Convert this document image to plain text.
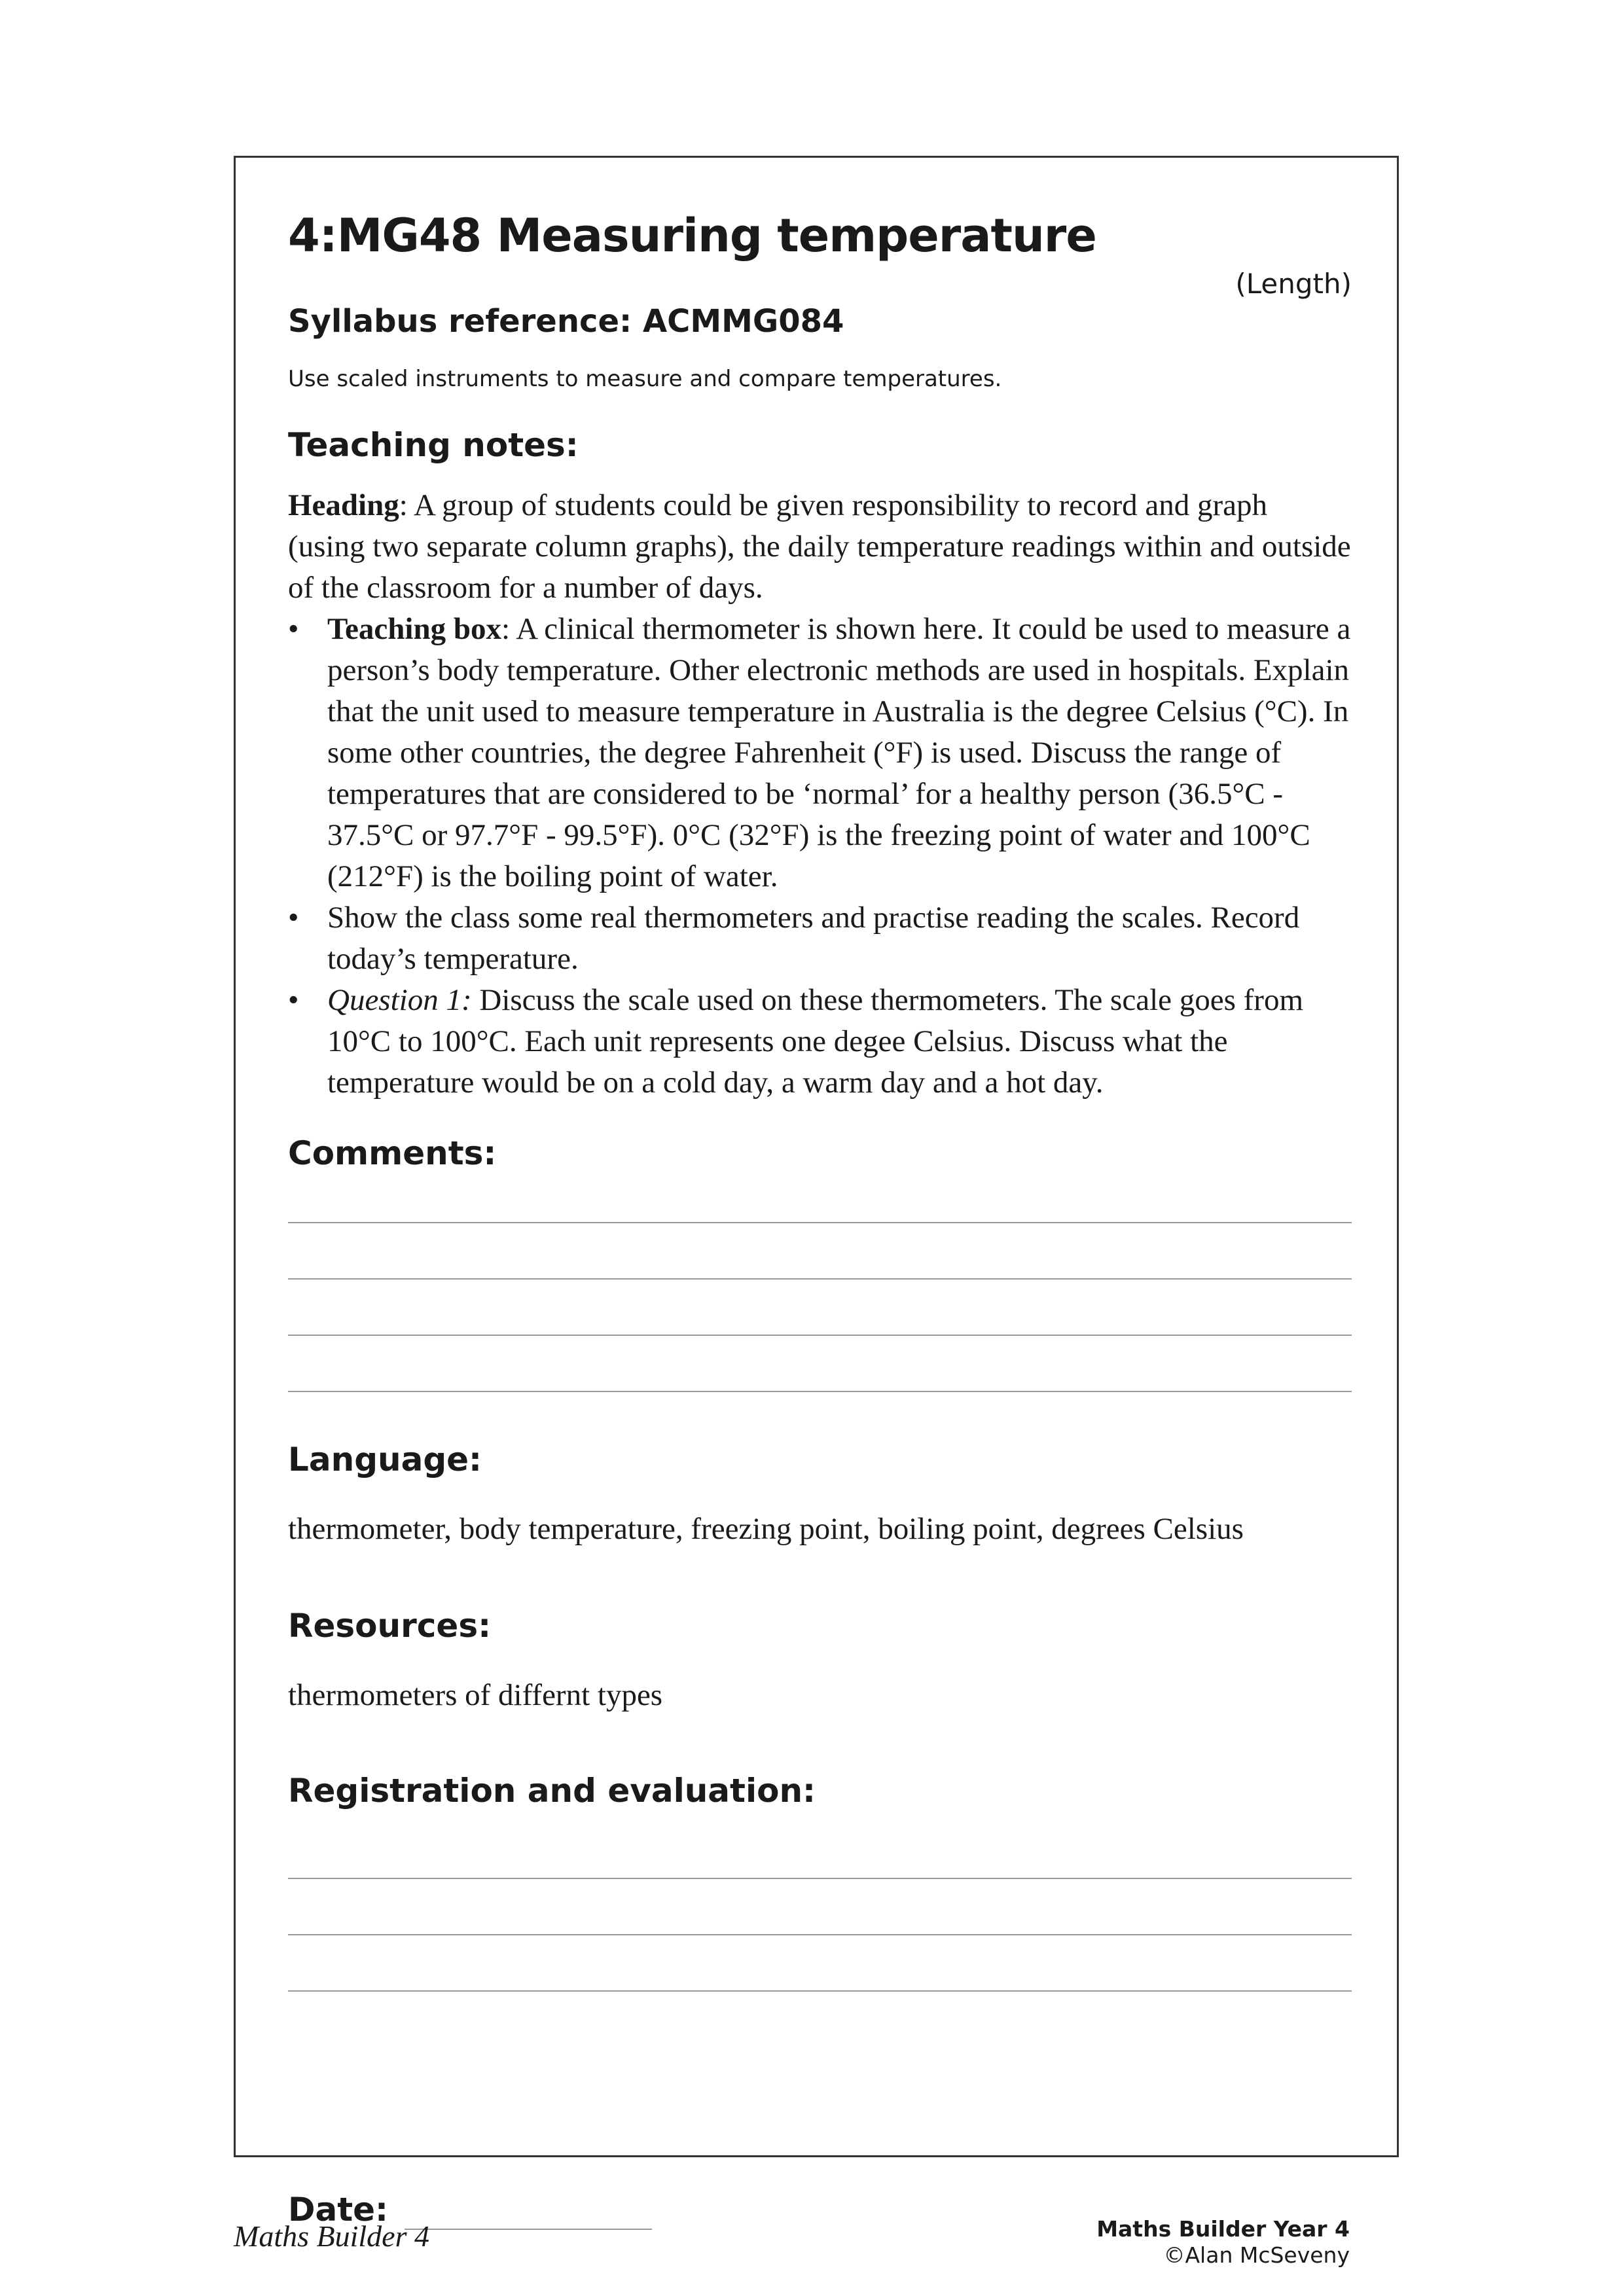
4:MG48 Measuring temperature
(Length)
Syllabus reference: ACMMG084
Use scaled instruments to measure and compare temperatures.
Teaching notes:

Heading: A group of students could be given responsibility to record and graph (using two separate column graphs), the daily temperature readings within and outside of the classroom for a number of days.

• Teaching box: A clinical thermometer is shown here. It could be used to measure a person’s body temperature. Other electronic methods are used in hospitals. Explain that the unit used to measure temperature in Australia is the degree Celsius (°C). In some other countries, the degree Fahrenheit (°F) is used. Discuss the range of temperatures that are considered to be ‘normal’ for a healthy person (36.5°C - 37.5°C or 97.7°F - 99.5°F). 0°C (32°F) is the freezing point of water and 100°C (212°F) is the boiling point of water.
• Show the class some real thermometers and practise reading the scales. Record today’s temperature.
• Question 1: Discuss the scale used on these thermometers. The scale goes from 10°C to 100°C. Each unit represents one degee Celsius. Discuss what the temperature would be on a cold day, a warm day and a hot day.
Comments:
Language:
thermometer, body temperature, freezing point, boiling point, degrees Celsius
Resources:
thermometers of differnt types
Registration and evaluation:
Date:
Maths Builder 4	Maths Builder Year 4
©Alan McSeveny
